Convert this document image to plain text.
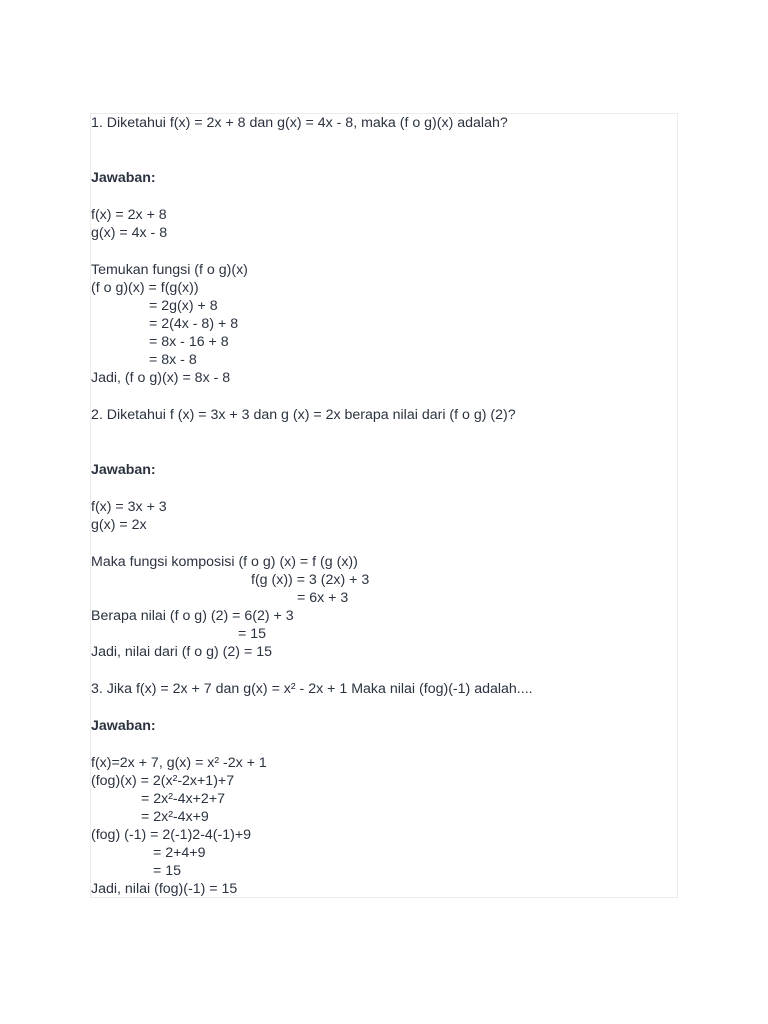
1. Diketahui f(x) = 2x + 8 dan g(x) = 4x - 8, maka (f o g)(x) adalah?
Jawaban:
f(x) = 2x + 8
g(x) = 4x - 8
Temukan fungsi (f o g)(x)
(f o g)(x) = f(g(x))
= 2g(x) + 8
= 2(4x - 8) + 8
= 8x - 16 + 8
= 8x - 8
Jadi, (f o g)(x) = 8x - 8
2. Diketahui f (x) = 3x + 3 dan g (x) = 2x berapa nilai dari (f o g) (2)?
Jawaban:
f(x) = 3x + 3
g(x) = 2x
Maka fungsi komposisi (f o g) (x) = f (g (x))
f(g (x)) = 3 (2x) + 3
= 6x + 3
Berapa nilai (f o g) (2) = 6(2) + 3
= 15
Jadi, nilai dari (f o g) (2) = 15
3. Jika f(x) = 2x + 7 dan g(x) = x² - 2x + 1 Maka nilai (fog)(-1) adalah....
Jawaban:
f(x)=2x + 7, g(x) = x² -2x + 1
(fog)(x) = 2(x²-2x+1)+7
= 2x²-4x+2+7
= 2x²-4x+9
(fog) (-1) = 2(-1)2-4(-1)+9
= 2+4+9
= 15
Jadi, nilai (fog)(-1) = 15
